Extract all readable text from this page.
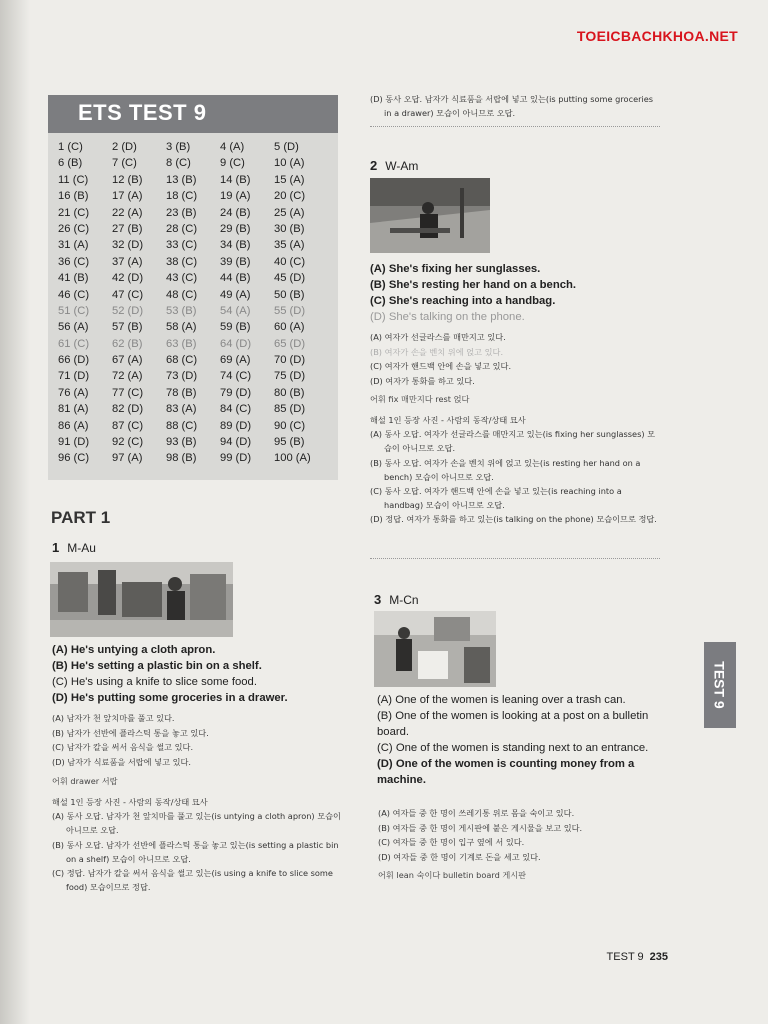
TOEICBACHKHOA.NET
ETS TEST 9
1 (C)	2 (D)	3 (B)	4 (A)	5 (D)
6 (B)	7 (C)	8 (C)	9 (C)	10 (A)
11 (C)	12 (B)	13 (B)	14 (B)	15 (A)
16 (B)	17 (A)	18 (C)	19 (A)	20 (C)
21 (C)	22 (A)	23 (B)	24 (B)	25 (A)
26 (C)	27 (B)	28 (C)	29 (B)	30 (B)
31 (A)	32 (D)	33 (C)	34 (B)	35 (A)
36 (C)	37 (A)	38 (C)	39 (B)	40 (C)
41 (B)	42 (D)	43 (C)	44 (B)	45 (D)
46 (C)	47 (C)	48 (C)	49 (A)	50 (B)
51 (C)	52 (D)	53 (B)	54 (A)	55 (D)
56 (A)	57 (B)	58 (A)	59 (B)	60 (A)
61 (C)	62 (B)	63 (B)	64 (D)	65 (D)
66 (D)	67 (A)	68 (C)	69 (A)	70 (D)
71 (D)	72 (A)	73 (D)	74 (C)	75 (D)
76 (A)	77 (C)	78 (B)	79 (D)	80 (B)
81 (A)	82 (D)	83 (A)	84 (C)	85 (D)
86 (A)	87 (C)	88 (C)	89 (D)	90 (C)
91 (D)	92 (C)	93 (B)	94 (D)	95 (B)
96 (C)	97 (A)	98 (B)	99 (D)	100 (A)
PART 1
1 M-Au
(A) He's untying a cloth apron.
(B) He's setting a plastic bin on a shelf.
(C) He's using a knife to slice some food.
(D) He's putting some groceries in a drawer.
(A) 남자가 천 앞치마를 풀고 있다.
(B) 남자가 선반에 플라스틱 통을 놓고 있다.
(C) 남자가 칼을 써서 음식을 썰고 있다.
(D) 남자가 식료품을 서랍에 넣고 있다.
어휘 drawer 서랍
해설 1인 등장 사진 - 사람의 동작/상태 묘사
(A) 동사 오답. 남자가 천 앞치마를 풀고 있는(is untying a cloth apron) 모습이 아니므로 오답.
(B) 동사 오답. 남자가 선반에 플라스틱 통을 놓고 있는(is setting a plastic bin on a shelf) 모습이 아니므로 오답.
(C) 정답. 남자가 칼을 써서 음식을 썰고 있는(is using a knife to slice some food) 모습이므로 정답.
(D) 동사 오답. 남자가 식료품을 서랍에 넣고 있는(is putting some groceries in a drawer) 모습이 아니므로 오답.
2 W-Am
(A) She's fixing her sunglasses.
(B) She's resting her hand on a bench.
(C) She's reaching into a handbag.
(D) She's talking on the phone.
(A) 여자가 선글라스를 매만지고 있다.
(B) 여자가 손을 벤치 위에 얹고 있다.
(C) 여자가 핸드백 안에 손을 넣고 있다.
(D) 여자가 통화를 하고 있다.
어휘 fix 매만지다 rest 얹다
해설 1인 등장 사진 - 사람의 동작/상태 묘사
(A) 동사 오답. 여자가 선글라스를 매만지고 있는(is fixing her sunglasses) 모습이 아니므로 오답.
(B) 동사 오답. 여자가 손을 벤치 위에 얹고 있는(is resting her hand on a bench) 모습이 아니므로 오답.
(C) 동사 오답. 여자가 핸드백 안에 손을 넣고 있는(is reaching into a handbag) 모습이 아니므로 오답.
(D) 정답. 여자가 통화를 하고 있는(is talking on the phone) 모습이므로 정답.
3 M-Cn
(A) One of the women is leaning over a trash can.
(B) One of the women is looking at a post on a bulletin board.
(C) One of the women is standing next to an entrance.
(D) One of the women is counting money from a machine.
(A) 여자들 중 한 명이 쓰레기통 위로 몸을 숙이고 있다.
(B) 여자들 중 한 명이 게시판에 붙은 게시물을 보고 있다.
(C) 여자들 중 한 명이 입구 옆에 서 있다.
(D) 여자들 중 한 명이 기계로 돈을 세고 있다.
어휘 lean 숙이다 bulletin board 게시판
TEST 9
TEST 9 235
